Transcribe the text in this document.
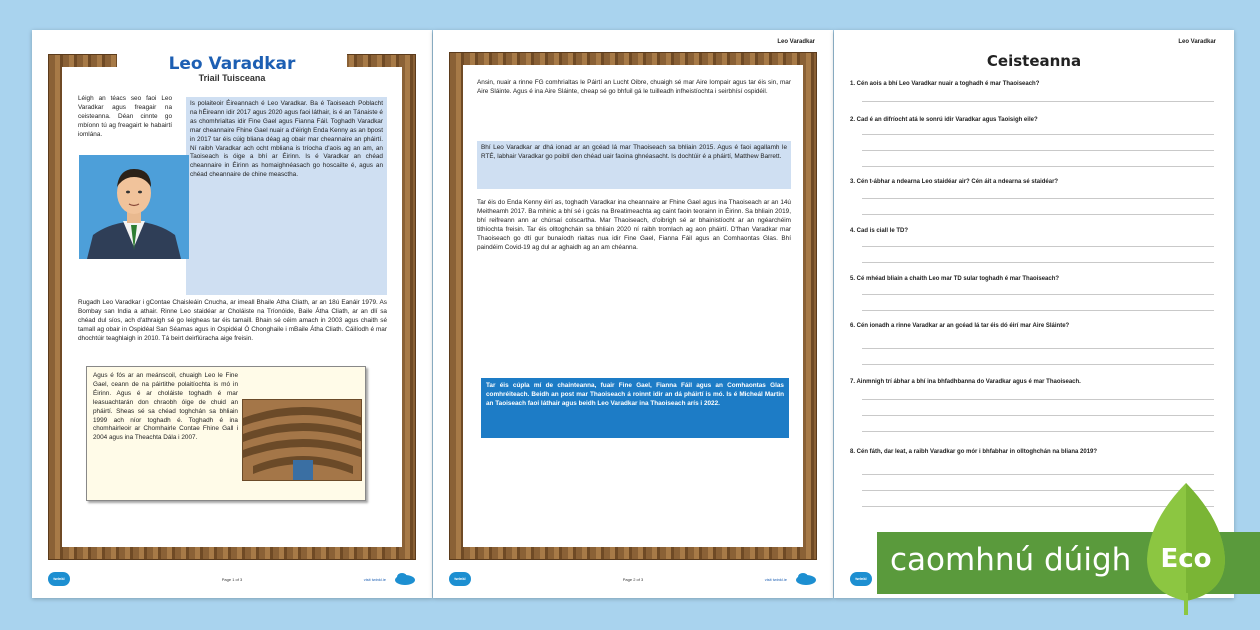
Léigh an téacs seo faoi Leo Varadkar agus freagair na ceisteanna. Déan cinnte go mbíonn tú ag freagairt le habairtí iomlána.
Is polaiteoir Éireannach é Leo Varadkar. Ba é Taoiseach Poblacht na hÉireann idir 2017 agus 2020 agus faoi láthair, is é an Tánaiste é as chomhrialtas idir Fine Gael agus Fianna Fáil. Toghadh Varadkar mar cheannaire Fhine Gael nuair a d'éirigh Enda Kenny as an bpost in 2017 tar éis cúig bliana déag ag obair mar cheannaire an pháirtí. Ní raibh Varadkar ach ocht mbliana is tríocha d'aois ag an am, an Taoiseach is óige a bhí ar Éirinn. Is é Varadkar an chéad cheannaire in Éirinn as homaighnéasach go hoscailte é, agus an chéad cheannaire de chine measctha.
Rugadh Leo Varadkar i gContae Chaisleáin Cnucha, ar imeall Bhaile Átha Cliath, ar an 18ú Eanáir 1979. As Bombay san India a athair. Rinne Leo staidéar ar Choláiste na Tríonóide, Baile Átha Cliath, ar an dlí sa chéad dul síos, ach d'athraigh sé go leigheas tar éis tamaill. Bhain sé céim amach in 2003 agus chaith sé tamall ag obair in Ospidéal San Séamas agus in Ospidéal Ó Chonghaile i mBaile Átha Cliath. Cáilíodh é mar dhochtúir teaghlaigh in 2010. Tá beirt deirfiúracha aige freisin.
Leo Varadkar
Triail Tuisceana
Agus é fós ar an meánscoil, chuaigh Leo le Fine Gael, ceann de na páirtithe polaitíochta is mó in Éirinn. Agus é ar choláiste toghadh é mar leasuachtarán don chraobh óige de chuid an pháirtí. Sheas sé sa chéad toghchán sa bhliain 1999 ach níor toghadh é. Toghadh é ina chomhairleoir ar Chomhairle Contae Fhine Gall i 2004 agus ina Theachta Dála i 2007.
twinkl	Page 1 of 3	visit twinkl.ie
Leo Varadkar
Ansin, nuair a rinne FG comhrialtas le Páirtí an Lucht Oibre, chuaigh sé mar Aire Iompair agus tar éis sin, mar Aire Sláinte. Agus é ina Aire Sláinte, cheap sé go bhfuil gá le tuilleadh infheistíochta i seirbhísí ospidéil.
Bhí Leo Varadkar ar dhá ionad ar an gcéad lá mar Thaoiseach sa bhliain 2015. Agus é faoi agallamh le RTÉ, labhair Varadkar go poiblí den chéad uair faoina ghnéasacht. Is dochtúir é a pháirtí, Matthew Barrett.
Tar éis do Enda Kenny éirí as, toghadh Varadkar ina cheannaire ar Fhine Gael agus ina Thaoiseach ar an 14ú Meitheamh 2017. Ba mhinic a bhí sé i gcás na Breatimeachta ag caint faoin teorainn in Éirinn. Sa bhliain 2019, bhí reifreann ann ar chúrsaí colscartha. Mar Thaoiseach, d'oibrigh sé ar bhainistíocht ar an ngéarchéim tithíochta freisin. Tar éis olltoghcháin sa bhliain 2020 ní raibh tromlach ag aon pháirtí. D'fhan Varadkar mar Thaoiseach go dtí gur bunaíodh rialtas nua idir Fine Gael, Fianna Fáil agus an Comhaontas Glas. Bhí paindéim Covid-19 ag dul ar aghaidh ag an am chéanna.
Tar éis cúpla mí de chainteanna, fuair Fine Gael, Fianna Fáil agus an Comhaontas Glas comhréiteach. Beidh an post mar Thaoiseach á roinnt idir an dá pháirtí is mó. Is é Micheál Martin an Taoiseach faoi láthair agus beidh Leo Varadkar ina Thaoiseach arís i 2022.
twinkl	Page 2 of 3	visit twinkl.ie
Leo Varadkar
Ceisteanna
1. Cén aois a bhí Leo Varadkar nuair a toghadh é mar Thaoiseach?
2. Cad é an difríocht atá le sonrú idir Varadkar agus Taoisigh eile?
3. Cén t-ábhar a ndearna Leo staidéar air? Cén áit a ndearna sé staidéar?
4. Cad is ciall le TD?
5. Cé mhéad bliain a chaith Leo mar TD sular toghadh é mar Thaoiseach?
6. Cén ionadh a rinne Varadkar ar an gcéad lá tar éis dó éirí mar Aire Sláinte?
7. Ainmnigh trí ábhar a bhí ina bhfadhbanna do Varadkar agus é mar Thaoiseach.
8. Cén fáth, dar leat, a raibh Varadkar go mór i bhfabhar in olltoghchán na bliana 2019?
twinkl
caomhnú dúigh Eco
